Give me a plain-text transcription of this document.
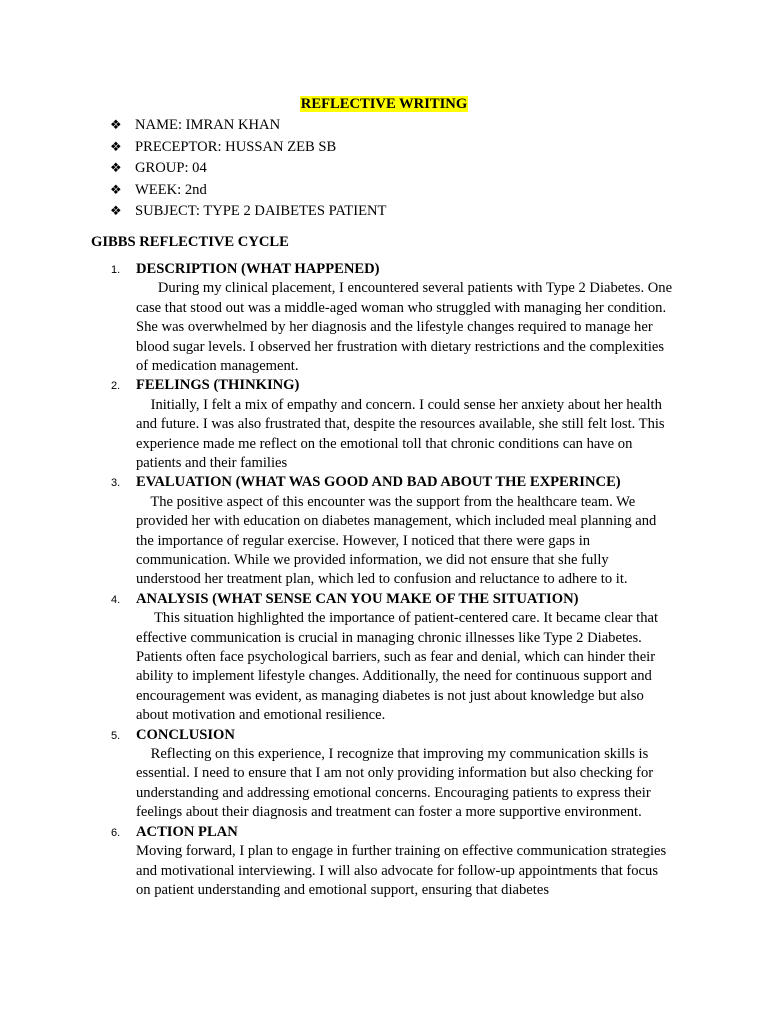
REFLECTIVE WRITING
❖ NAME: IMRAN KHAN
❖ PRECEPTOR: HUSSAN ZEB SB
❖ GROUP: 04
❖ WEEK: 2nd
❖ SUBJECT: TYPE 2 DAIBETES PATIENT
GIBBS REFLECTIVE CYCLE
1.	DESCRIPTION (WHAT HAPPENED)
During my clinical placement, I encountered several patients with Type 2 Diabetes. One case that stood out was a middle-aged woman who struggled with managing her condition. She was overwhelmed by her diagnosis and the lifestyle changes required to manage her blood sugar levels. I observed her frustration with dietary restrictions and the complexities of medication management.
2.	FEELINGS (THINKING)
Initially, I felt a mix of empathy and concern. I could sense her anxiety about her health and future. I was also frustrated that, despite the resources available, she still felt lost. This experience made me reflect on the emotional toll that chronic conditions can have on patients and their families
3.	EVALUATION (WHAT WAS GOOD AND BAD ABOUT THE EXPERINCE)
The positive aspect of this encounter was the support from the healthcare team. We provided her with education on diabetes management, which included meal planning and the importance of regular exercise. However, I noticed that there were gaps in communication. While we provided information, we did not ensure that she fully understood her treatment plan, which led to confusion and reluctance to adhere to it.
4.	ANALYSIS (WHAT SENSE CAN YOU MAKE OF THE SITUATION)
This situation highlighted the importance of patient-centered care. It became clear that effective communication is crucial in managing chronic illnesses like Type 2 Diabetes. Patients often face psychological barriers, such as fear and denial, which can hinder their ability to implement lifestyle changes. Additionally, the need for continuous support and encouragement was evident, as managing diabetes is not just about knowledge but also about motivation and emotional resilience.
5.	CONCLUSION
Reflecting on this experience, I recognize that improving my communication skills is essential. I need to ensure that I am not only providing information but also checking for understanding and addressing emotional concerns. Encouraging patients to express their feelings about their diagnosis and treatment can foster a more supportive environment.
6.	ACTION PLAN
Moving forward, I plan to engage in further training on effective communication strategies and motivational interviewing. I will also advocate for follow-up appointments that focus on patient understanding and emotional support, ensuring that diabetes
